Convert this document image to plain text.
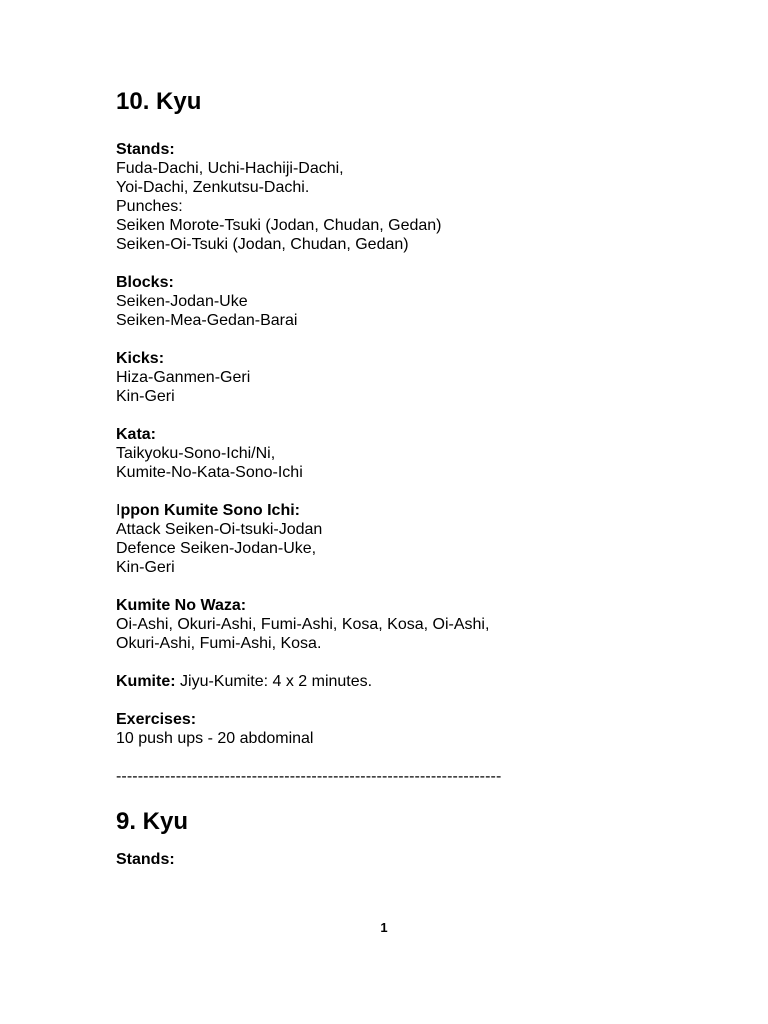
10. Kyu
Stands:
Fuda-Dachi, Uchi-Hachiji-Dachi,
Yoi-Dachi, Zenkutsu-Dachi.
Punches:
Seiken Morote-Tsuki (Jodan, Chudan, Gedan)
Seiken-Oi-Tsuki (Jodan, Chudan, Gedan)
Blocks:
Seiken-Jodan-Uke
Seiken-Mea-Gedan-Barai
Kicks:
Hiza-Ganmen-Geri
Kin-Geri
Kata:
Taikyoku-Sono-Ichi/Ni,
Kumite-No-Kata-Sono-Ichi
Ippon Kumite Sono Ichi:
Attack Seiken-Oi-tsuki-Jodan
Defence Seiken-Jodan-Uke,
Kin-Geri
Kumite No Waza:
Oi-Ashi, Okuri-Ashi, Fumi-Ashi, Kosa, Kosa, Oi-Ashi,
Okuri-Ashi, Fumi-Ashi, Kosa.
Kumite: Jiyu-Kumite: 4 x 2 minutes.
Exercises:
10 push ups - 20 abdominal
-----------------------------------------------------------------------
9. Kyu
Stands:
1
